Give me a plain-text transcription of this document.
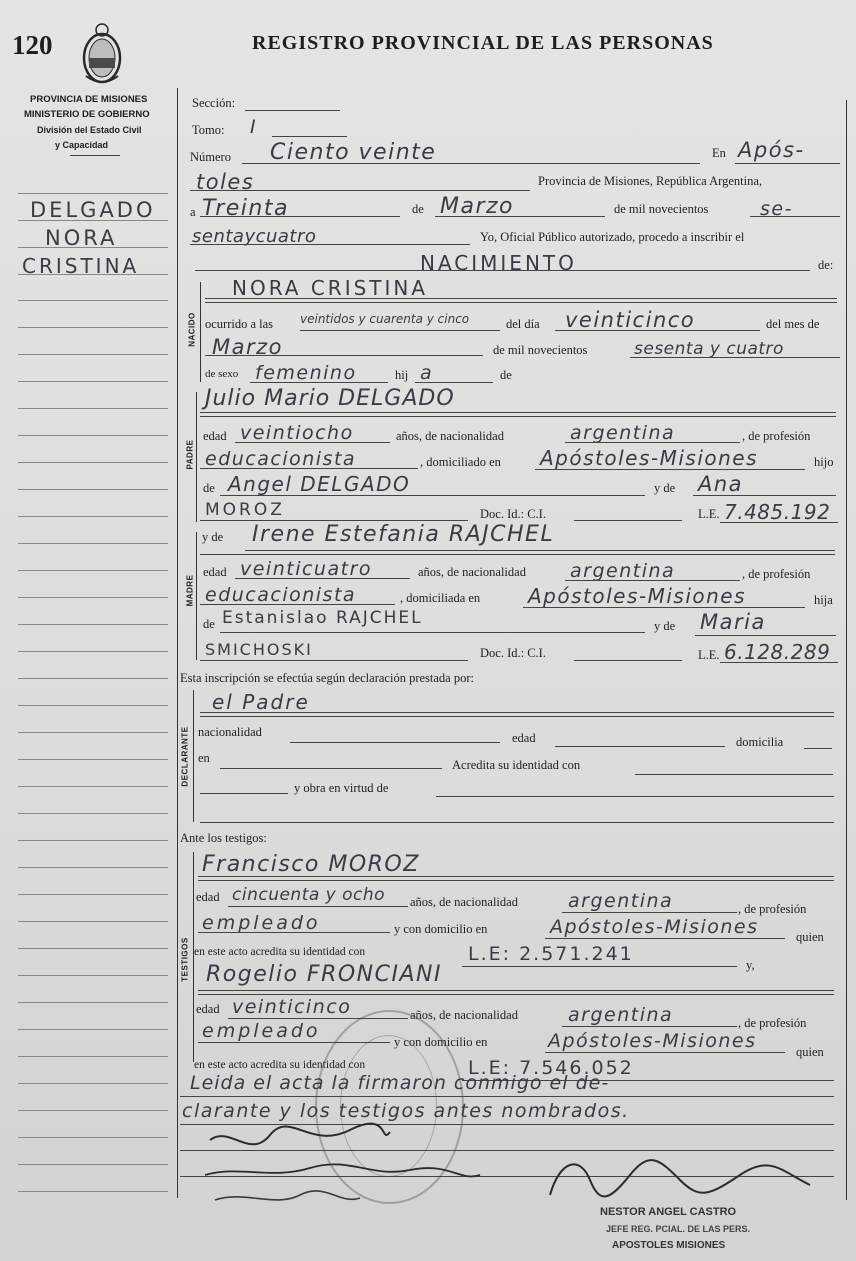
120	REGISTRO PROVINCIAL DE LAS PERSONAS
PROVINCIA DE MISIONES
MINISTERIO DE GOBIERNO
División del Estado Civil
y Capacidad
DELGADO
NORA
CRISTINA
Sección:
Tomo: I
Número Ciento veinte	En Após-
toles	Provincia de Misiones, República Argentina,
a Treinta	de Marzo	de mil novecientos	se-
sentaycuatro	Yo, Oficial Público autorizado, procedo a inscribir el
NACIMIENTO	de:
NACIDO
NORA CRISTINA
ocurrido a las veintidos y cuarenta y cinco	del día veinticinco	del mes de
Marzo	de mil novecientos	sesenta y cuatro
de sexo femenino	hij a	de
PADRE
Julio Mario DELGADO
edad veintiocho	años, de nacionalidad	argentina	, de profesión
educacionista	, domiciliado en Apóstoles-Misiones	hijo
de Angel DELGADO	y de Ana
MOROZ	Doc. Id.: C.I.	L.E. 7.485.192
MADRE
y de Irene Estefania RAJCHEL
edad veinticuatro	años, de nacionalidad argentina	, de profesión
educacionista	, domiciliada en Apóstoles-Misiones	hija
de Estanislao RAJCHEL	y de Maria
SMICHOSKI	Doc. Id.: C.I.	L.E. 6.128.289
Esta inscripción se efectúa según declaración prestada por:
DECLARANTE
el Padre
nacionalidad	edad	domicilia
en	Acredita su identidad con
y obra en virtud de
Ante los testigos:
TESTIGOS
Francisco MOROZ
edad cincuenta y ocho años, de nacionalidad	argentina	, de profesión
empleado	y con domicilio en	Apóstoles-Misiones	quien
en este acto acredita su identidad con	L.E: 2.571.241	y,
Rogelio FRONCIANI
edad veinticinco	años, de nacionalidad	argentina	, de profesión
empleado	y con domicilio en	Apóstoles-Misiones	quien
en este acto acredita su identidad con	L.E: 7.546.052
Leida el acta la firmaron conmigo el de-
clarante y los testigos antes nombrados.
NESTOR ANGEL CASTRO
JEFE REG. PCIAL. DE LAS PERS.
APOSTOLES MISIONES
